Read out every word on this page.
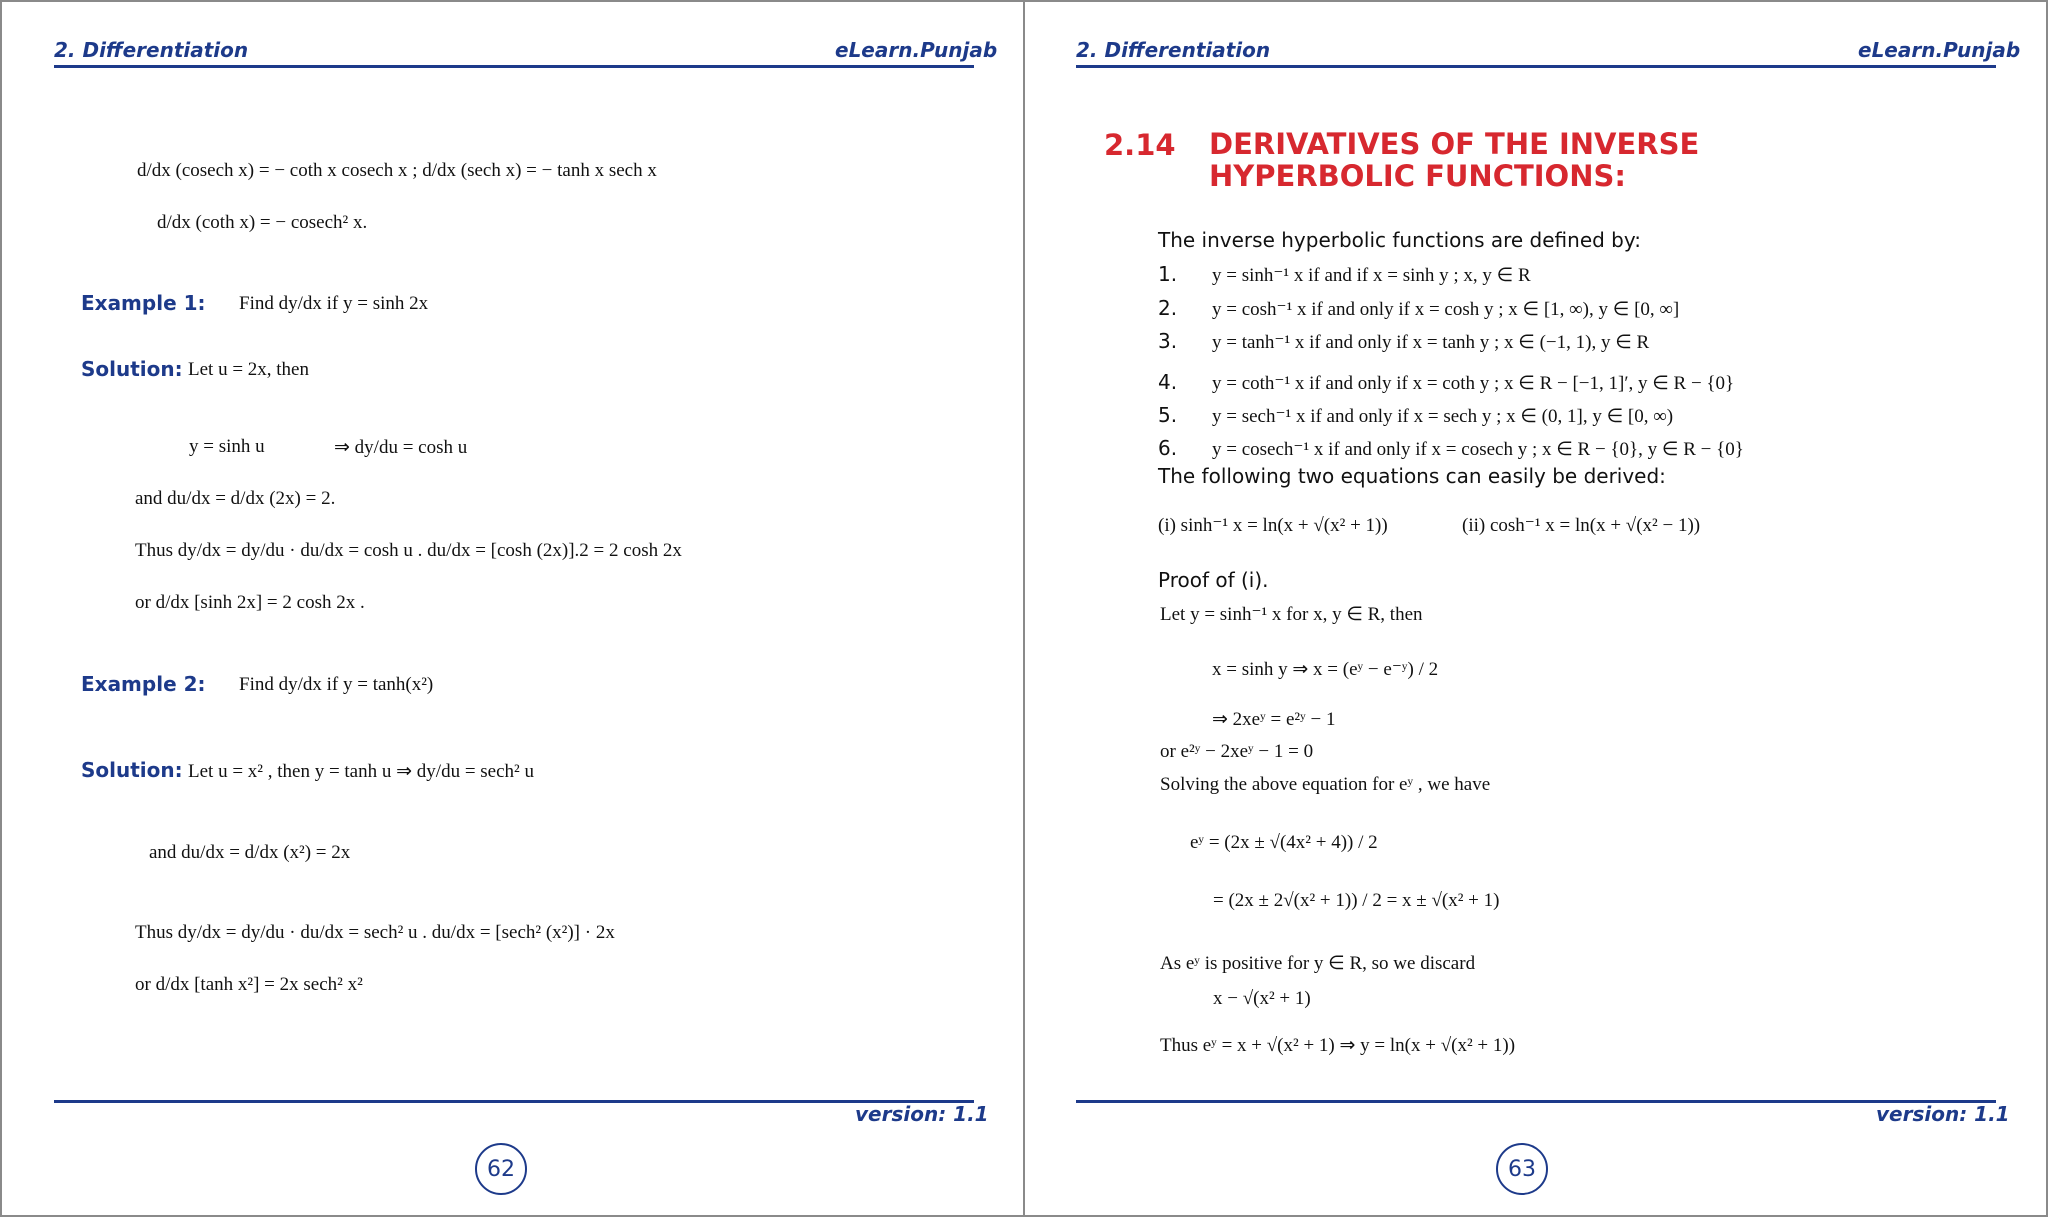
2. Differentiation	eLearn.Punjab
d/dx (cosech x) = − coth x cosech x ; d/dx (sech x) = − tanh x sech x
d/dx (coth x) = − cosech² x.
Example 1: Find dy/dx if y = sinh 2x
Solution: Let u = 2x, then
y = sinh u	⇒ dy/du = cosh u
and du/dx = d/dx (2x) = 2.
Thus dy/dx = dy/du · du/dx = cosh u . du/dx = [cosh (2x)].2 = 2 cosh 2x
or d/dx [sinh 2x] = 2 cosh 2x .
Example 2: Find dy/dx if y = tanh(x²)
Solution: Let u = x² , then y = tanh u ⇒ dy/du = sech² u
and du/dx = d/dx (x²) = 2x
Thus dy/dx = dy/du · du/dx = sech² u . du/dx = [sech² (x²)] · 2x
or d/dx [tanh x²] = 2x sech² x²
version: 1.1
62
2. Differentiation	eLearn.Punjab
2.14 DERIVATIVES OF THE INVERSE
HYPERBOLIC FUNCTIONS:
The inverse hyperbolic functions are defined by:
1. y = sinh⁻¹ x if and if x = sinh y ; x, y ∈ R
2. y = cosh⁻¹ x if and only if x = cosh y ; x ∈ [1, ∞), y ∈ [0, ∞]
3. y = tanh⁻¹ x if and only if x = tanh y ; x ∈ (−1, 1), y ∈ R
4. y = coth⁻¹ x if and only if x = coth y ; x ∈ R − [−1, 1]′, y ∈ R − {0}
5. y = sech⁻¹ x if and only if x = sech y ; x ∈ (0, 1], y ∈ [0, ∞)
6. y = cosech⁻¹ x if and only if x = cosech y ; x ∈ R − {0}, y ∈ R − {0}
The following two equations can easily be derived:
(i) sinh⁻¹ x = ln(x + √(x² + 1))	(ii) cosh⁻¹ x = ln(x + √(x² − 1))
Proof of (i).
Let y = sinh⁻¹ x for x, y ∈ R, then
x = sinh y ⇒ x = (eʸ − e⁻ʸ) / 2
⇒ 2xeʸ = e²ʸ − 1
or e²ʸ − 2xeʸ − 1 = 0
Solving the above equation for eʸ , we have
eʸ = (2x ± √(4x² + 4)) / 2
= (2x ± 2√(x² + 1)) / 2 = x ± √(x² + 1)
As eʸ is positive for y ∈ R, so we discard
x − √(x² + 1)
Thus eʸ = x + √(x² + 1) ⇒ y = ln(x + √(x² + 1))
version: 1.1
63
